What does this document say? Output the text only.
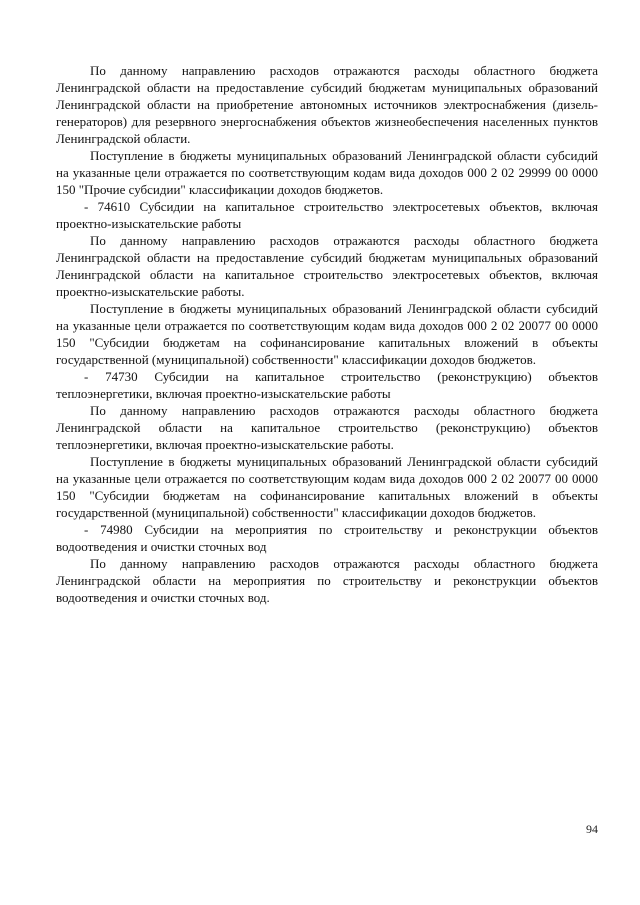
По данному направлению расходов отражаются расходы областного бюджета Ленинградской области на предоставление субсидий бюджетам муниципальных образований Ленинградской области на приобретение автономных источников электроснабжения (дизель-генераторов) для резервного энергоснабжения объектов жизнеобеспечения населенных пунктов Ленинградской области.

Поступление в бюджеты муниципальных образований Ленинградской области субсидий на указанные цели отражается по соответствующим кодам вида доходов 000 2 02 29999 00 0000 150 "Прочие субсидии" классификации доходов бюджетов.

- 74610 Субсидии на капитальное строительство электросетевых объектов, включая проектно-изыскательские работы

По данному направлению расходов отражаются расходы областного бюджета Ленинградской области на предоставление субсидий бюджетам муниципальных образований Ленинградской области на капитальное строительство электросетевых объектов, включая проектно-изыскательские работы.

Поступление в бюджеты муниципальных образований Ленинградской области субсидий на указанные цели отражается по соответствующим кодам вида доходов 000 2 02 20077 00 0000 150 "Субсидии бюджетам на софинансирование капитальных вложений в объекты государственной (муниципальной) собственности" классификации доходов бюджетов.

- 74730 Субсидии на капитальное строительство (реконструкцию) объектов теплоэнергетики, включая проектно-изыскательские работы

По данному направлению расходов отражаются расходы областного бюджета Ленинградской области на капитальное строительство (реконструкцию) объектов теплоэнергетики, включая проектно-изыскательские работы.

Поступление в бюджеты муниципальных образований Ленинградской области субсидий на указанные цели отражается по соответствующим кодам вида доходов 000 2 02 20077 00 0000 150 "Субсидии бюджетам на софинансирование капитальных вложений в объекты государственной (муниципальной) собственности" классификации доходов бюджетов.

- 74980 Субсидии на мероприятия по строительству и реконструкции объектов водоотведения и очистки сточных вод

По данному направлению расходов отражаются расходы областного бюджета Ленинградской области на мероприятия по строительству и реконструкции объектов водоотведения и очистки сточных вод.

94
